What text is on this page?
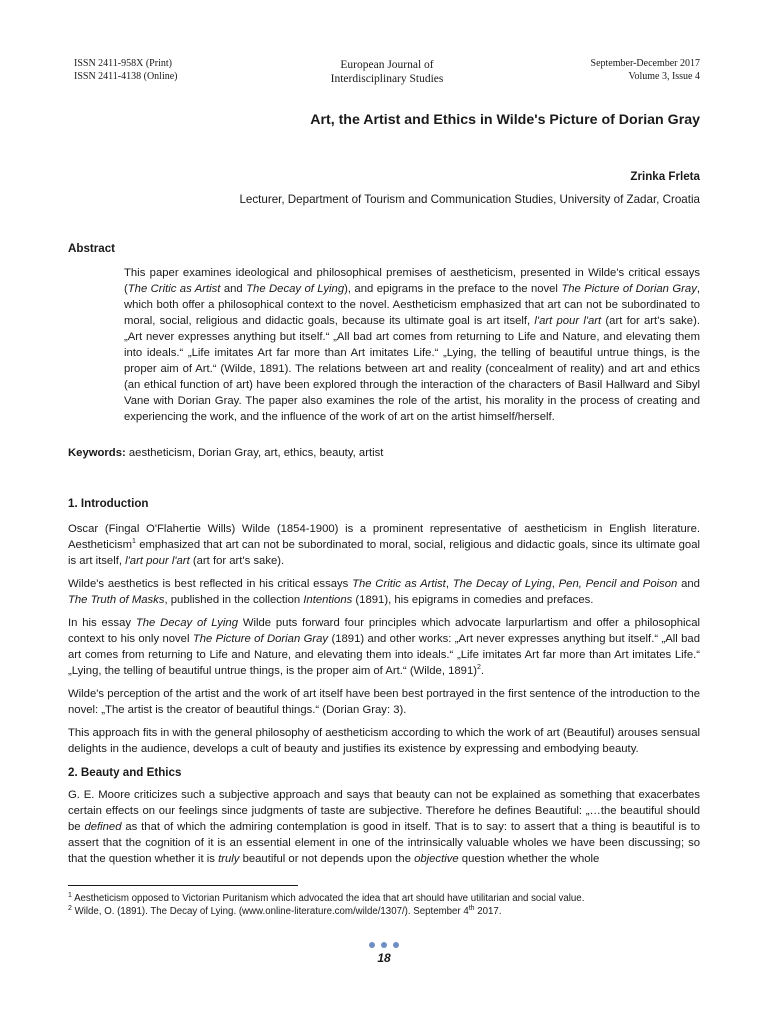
ISSN 2411-958X (Print)
ISSN 2411-4138 (Online)
European Journal of
Interdisciplinary Studies
September-December 2017
Volume 3, Issue 4
Art, the Artist and Ethics in Wilde's Picture of Dorian Gray
Zrinka Frleta
Lecturer, Department of Tourism and Communication Studies, University of Zadar, Croatia
Abstract
This paper examines ideological and philosophical premises of aestheticism, presented in Wilde's critical essays (The Critic as Artist and The Decay of Lying), and epigrams in the preface to the novel The Picture of Dorian Gray, which both offer a philosophical context to the novel. Aestheticism emphasized that art can not be subordinated to moral, social, religious and didactic goals, because its ultimate goal is art itself, l'art pour l'art (art for art's sake). „Art never expresses anything but itself.“ „All bad art comes from returning to Life and Nature, and elevating them into ideals.“ „Life imitates Art far more than Art imitates Life.“ „Lying, the telling of beautiful untrue things, is the proper aim of Art.“ (Wilde, 1891). The relations between art and reality (concealment of reality) and art and ethics (an ethical function of art) have been explored through the interaction of the characters of Basil Hallward and Sibyl Vane with Dorian Gray. The paper also examines the role of the artist, his morality in the process of creating and experiencing the work, and the influence of the work of art on the artist himself/herself.
Keywords: aestheticism, Dorian Gray, art, ethics, beauty, artist
1. Introduction

Oscar (Fingal O'Flahertie Wills) Wilde (1854-1900) is a prominent representative of aestheticism in English literature. Aestheticism$^1$ emphasized that art can not be subordinated to moral, social, religious and didactic goals, since its ultimate goal is art itself, l'art pour l'art (art for art's sake).

Wilde's aesthetics is best reflected in his critical essays The Critic as Artist, The Decay of Lying, Pen, Pencil and Poison and The Truth of Masks, published in the collection Intentions (1891), his epigrams in comedies and prefaces.

In his essay The Decay of Lying Wilde puts forward four principles which advocate larpurlartism and offer a philosophical context to his only novel The Picture of Dorian Gray (1891) and other works: „Art never expresses anything but itself.“ „All bad art comes from returning to Life and Nature, and elevating them into ideals.“ „Life imitates Art far more than Art imitates Life.“ „Lying, the telling of beautiful untrue things, is the proper aim of Art.“ (Wilde, 1891)$^2$.

Wilde's perception of the artist and the work of art itself have been best portrayed in the first sentence of the introduction to the novel: „The artist is the creator of beautiful things.“ (Dorian Gray: 3).

This approach fits in with the general philosophy of aestheticism according to which the work of art (Beautiful) arouses sensual delights in the audience, develops a cult of beauty and justifies its existence by expressing and embodying beauty.

2. Beauty and Ethics

G. E. Moore criticizes such a subjective approach and says that beauty can not be explained as something that exacerbates certain effects on our feelings since judgments of taste are subjective. Therefore he defines Beautiful: „…the beautiful should be defined as that of which the admiring contemplation is good in itself. That is to say: to assert that a thing is beautiful is to assert that the cognition of it is an essential element in one of the intrinsically valuable wholes we have been discussing; so that the question whether it is truly beautiful or not depends upon the objective question whether the whole

$^1$ Aestheticism opposed to Victorian Puritanism which advocated the idea that art should have utilitarian and social value.
$^2$ Wilde, O. (1891). The Decay of Lying. (www.online-literature.com/wilde/1307/). September 4th 2017.
18
